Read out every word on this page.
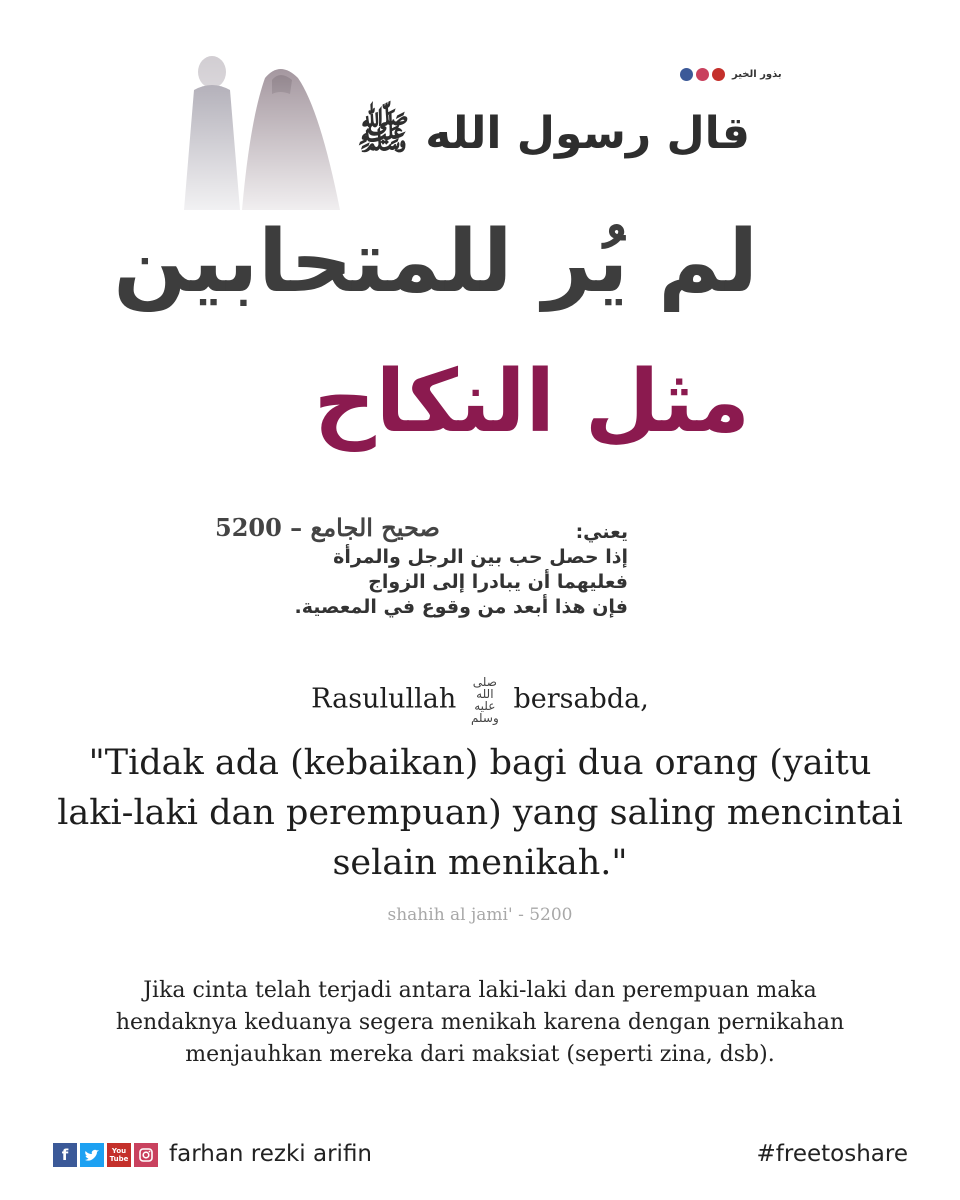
بذور الخير
قال رسول الله ﷺ
لم يُر للمتحابين
مثل النكاح
صحيح الجامع – 5200	يعني:
إذا حصل حب بين الرجل والمرأة
فعليهما أن يبادرا إلى الزواج
فإن هذا أبعد من وقوع في المعصية.
Rasulullah صلى الله عليه وسلم bersabda,
"Tidak ada (kebaikan) bagi dua orang (yaitu
laki-laki dan perempuan) yang saling mencintai
selain menikah."
shahih al jami' - 5200
Jika cinta telah terjadi antara laki-laki dan perempuan maka
hendaknya keduanya segera menikah karena dengan pernikahan
menjauhkan mereka dari maksiat (seperti zina, dsb).
f	You Tube farhan rezki arifin	#freetoshare
